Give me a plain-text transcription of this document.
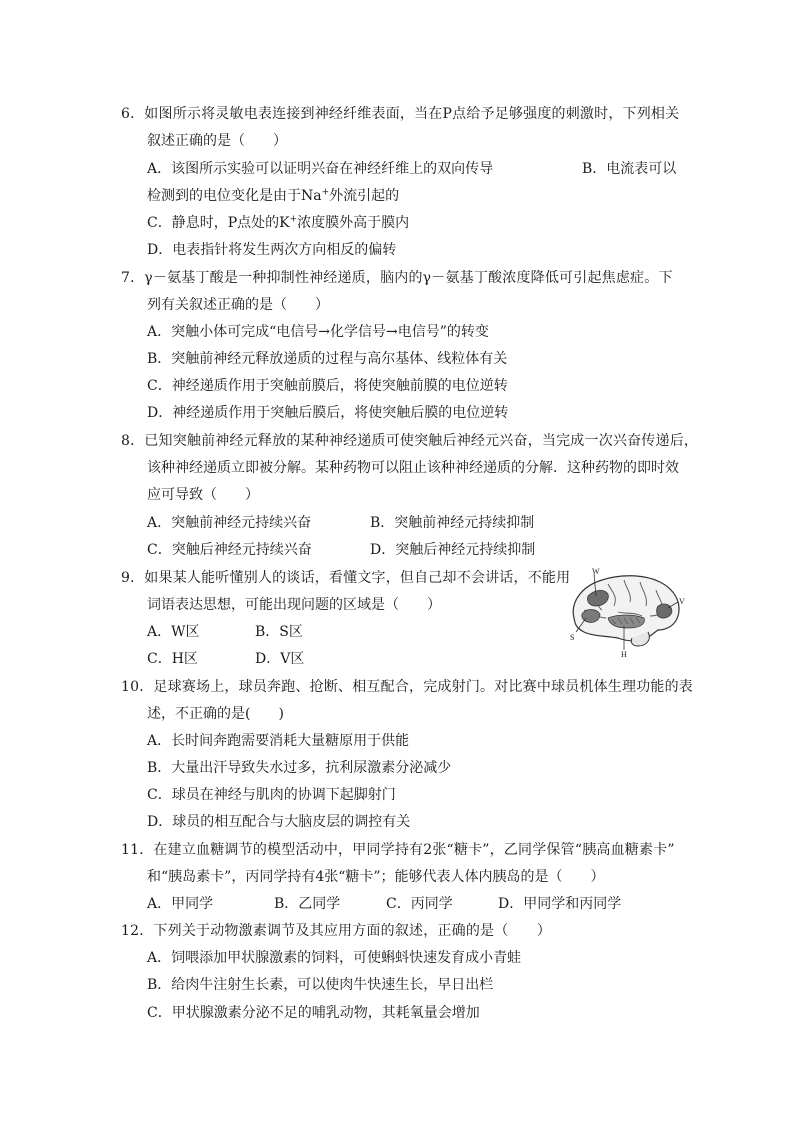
6．如图所示将灵敏电表连接到神经纤维表面，当在P点给予足够强度的刺激时，下列相关
叙述正确的是（　　）
A．该图所示实验可以证明兴奋在神经纤维上的双向传导	B．电流表可以
检测到的电位变化是由于Na+外流引起的
C．静息时，P点处的K+浓度膜外高于膜内
D．电表指针将发生两次方向相反的偏转
7．γ－氨基丁酸是一种抑制性神经递质，脑内的γ－氨基丁酸浓度降低可引起焦虑症。下
列有关叙述正确的是（　　）
A．突触小体可完成“电信号→化学信号→电信号”的转变
B．突触前神经元释放递质的过程与高尔基体、线粒体有关
C．神经递质作用于突触前膜后，将使突触前膜的电位逆转
D．神经递质作用于突触后膜后，将使突触后膜的电位逆转
8．已知突触前神经元释放的某种神经递质可使突触后神经元兴奋，当完成一次兴奋传递后，
该种神经递质立即被分解。某种药物可以阻止该种神经递质的分解．这种药物的即时效
应可导致（　　）
A．突触前神经元持续兴奋	B．突触前神经元持续抑制
C．突触后神经元持续兴奋	D．突触后神经元持续抑制
9．如果某人能听懂别人的谈话，看懂文字，但自己却不会讲话，不能用
词语表达思想，可能出现问题的区域是（　　）
A．W区	B．S区
C．H区	D．V区
W
V
S
H
10．足球赛场上，球员奔跑、抢断、相互配合，完成射门。对比赛中球员机体生理功能的表
述，不正确的是(　　)
A．长时间奔跑需要消耗大量糖原用于供能
B．大量出汗导致失水过多，抗利尿激素分泌减少
C．球员在神经与肌肉的协调下起脚射门
D．球员的相互配合与大脑皮层的调控有关
11．在建立血糖调节的模型活动中，甲同学持有2张“糖卡”，乙同学保管“胰高血糖素卡”
和“胰岛素卡”，丙同学持有4张“糖卡”；能够代表人体内胰岛的是（　　）
A．甲同学	B．乙同学	C．丙同学	D．甲同学和丙同学
12．下列关于动物激素调节及其应用方面的叙述，正确的是（　　）
A．饲喂添加甲状腺激素的饲料，可使蝌蚪快速发育成小青蛙
B．给肉牛注射生长素，可以使肉牛快速生长，早日出栏
C．甲状腺激素分泌不足的哺乳动物，其耗氧量会增加
